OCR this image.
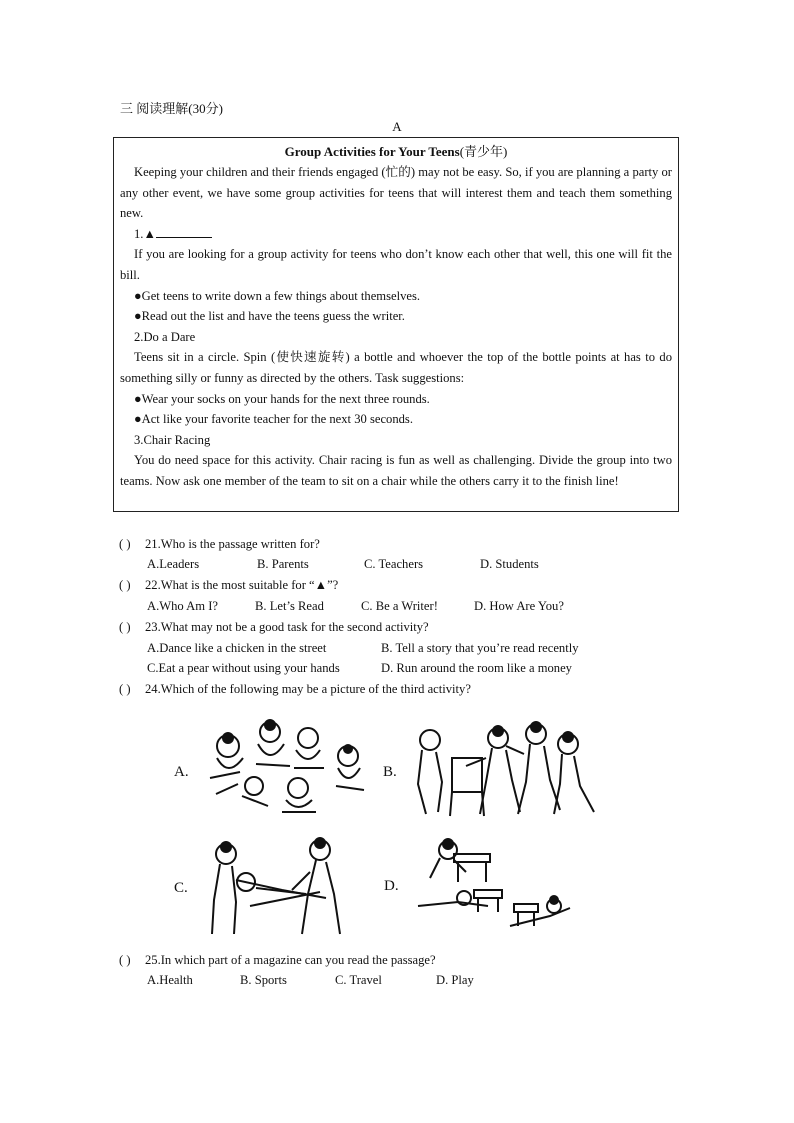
三 阅读理解(30分)
A
Group Activities for Your Teens(青少年)

Keeping your children and their friends engaged (忙的) may not be easy. So, if you are planning a party or any other event, we have some group activities for teens that will interest them and teach them something new.

1.▲

If you are looking for a group activity for teens who don’t know each other that well, this one will fit the bill.

●Get teens to write down a few things about themselves.

●Read out the list and have the teens guess the writer.

2.Do a Dare

Teens sit in a circle. Spin (使快速旋转) a bottle and whoever the top of the bottle points at has to do something silly or funny as directed by the others. Task suggestions:

●Wear your socks on your hands for the next three rounds.

●Act like your favorite teacher for the next 30 seconds.

3.Chair Racing

You do need space for this activity. Chair racing is fun as well as challenging. Divide the group into two teams. Now ask one member of the team to sit on a chair while the others carry it to the finish line!

( ) 21.Who is the passage written for?
A.Leaders	B. Parents	C. Teachers	D. Students
( ) 22.What is the most suitable for “▲”?
A.Who Am I?	B. Let’s Read	C. Be a Writer!	D. How Are You?
( ) 23.What may not be a good task for the second activity?
A.Dance like a chicken in the street	B. Tell a story that you’re read recently
C.Eat a pear without using your hands	D. Run around the room like a money
( ) 24.Which of the following may be a picture of the third activity?
A.	B.
C.	D.
( ) 25.In which part of a magazine can you read the passage?
A.Health	B. Sports	C. Travel	D. Play
